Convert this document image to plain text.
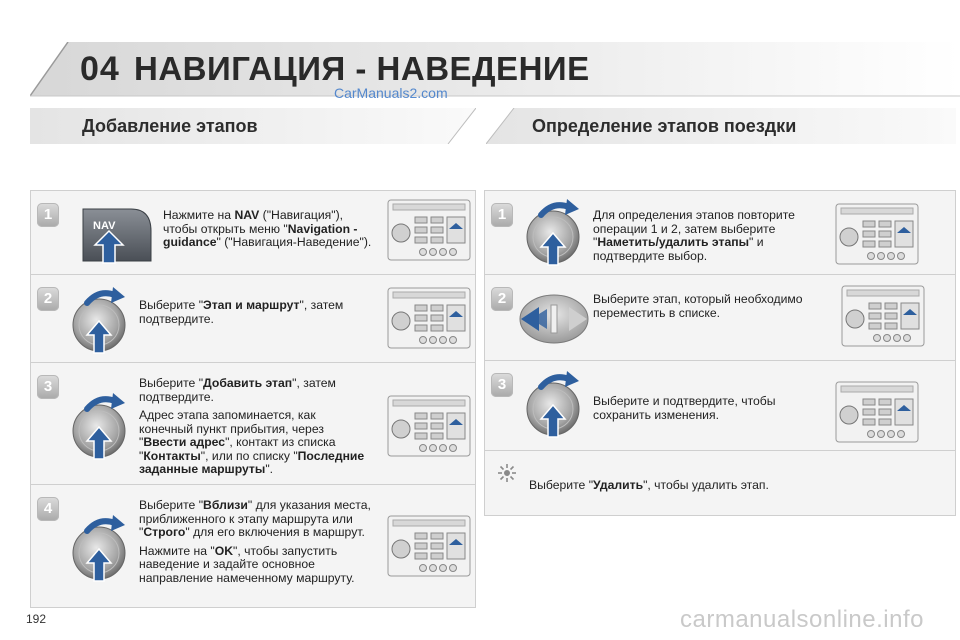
04 НАВИГАЦИЯ - НАВЕДЕНИЕ
CarManuals2.com
Добавление этапов	Определение этапов поездки
1
NAV

Нажмите на NAV ("Навигация"), чтобы открыть меню "Navigation - guidance" ("Навигация-Наведение").

2	Выберите "Этап и маршрут", затем подтвердите.

3	Выберите "Добавить этап", затем подтвердите.

Адрес этапа запоминается, как конечный пункт прибытия, через "Ввести адрес", контакт из списка "Контакты", или по списку "Последние заданные маршруты".

4	Выберите "Вблизи" для указания места, приближенного к этапу маршрута или "Строго" для его включения в маршрут.

Нажмите на "OK", чтобы запустить наведение и задайте основное направление намеченному маршруту.

1	Для определения этапов повторите операции 1 и 2, затем выберите "Наметить/удалить этапы" и подтвердите выбор.

2	Выберите этап, который необходимо переместить в списке.

3

Выберите и подтвердите, чтобы сохранить изменения.

Выберите "Удалить", чтобы удалить этап.

192	carmanualsonline.info
